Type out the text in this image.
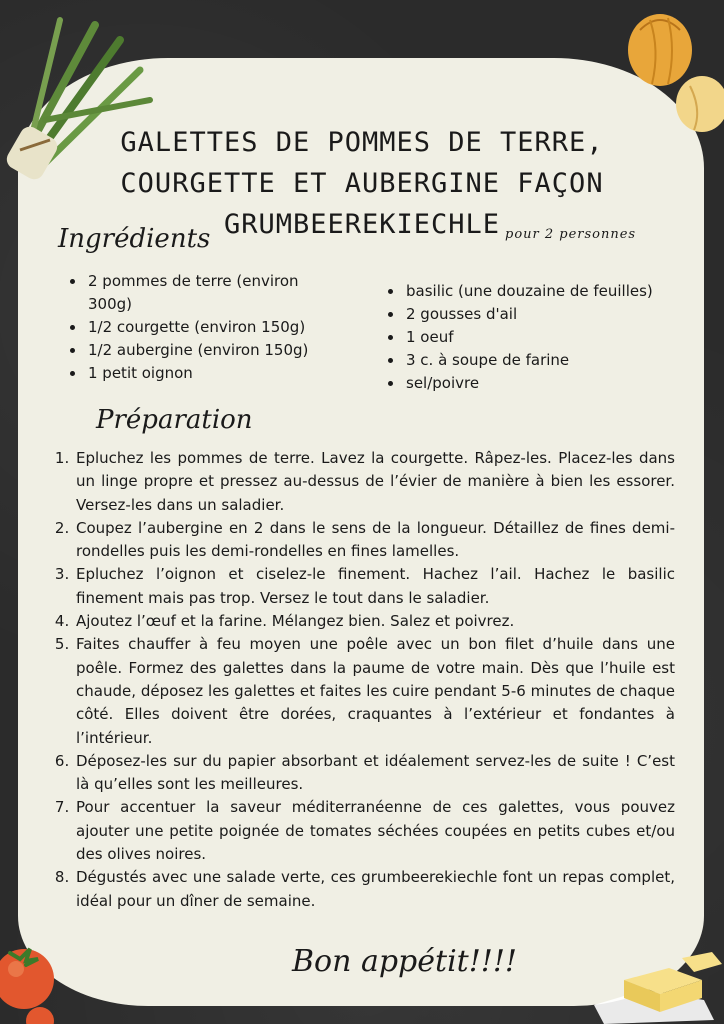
GALETTES DE POMMES DE TERRE, COURGETTE ET AUBERGINE FAÇON GRUMBEEREKIECHLE
Ingrédients	pour 2 personnes
• 2 pommes de terre (environ 300g)
• 1/2 courgette (environ 150g)
• 1/2 aubergine (environ 150g)
• 1 petit oignon
• basilic (une douzaine de feuilles)
• 2 gousses d'ail
• 1 oeuf
• 3 c. à soupe de farine
• sel/poivre
Préparation
1. Epluchez les pommes de terre. Lavez la courgette. Râpez-les. Placez-les dans un linge propre et pressez au-dessus de l’évier de manière à bien les essorer. Versez-les dans un saladier.
2. Coupez l’aubergine en 2 dans le sens de la longueur. Détaillez de fines demi-rondelles puis les demi-rondelles en fines lamelles.
3. Epluchez l’oignon et ciselez-le finement. Hachez l’ail. Hachez le basilic finement mais pas trop. Versez le tout dans le saladier.
4. Ajoutez l’œuf et la farine. Mélangez bien. Salez et poivrez.
5. Faites chauffer à feu moyen une poêle avec un bon filet d’huile dans une poêle. Formez des galettes dans la paume de votre main. Dès que l’huile est chaude, déposez les galettes et faites les cuire pendant 5-6 minutes de chaque côté. Elles doivent être dorées, craquantes à l’extérieur et fondantes à l’intérieur.
6. Déposez-les sur du papier absorbant et idéalement servez-les de suite ! C’est là qu’elles sont les meilleures.
7. Pour accentuer la saveur méditerranéenne de ces galettes, vous pouvez ajouter une petite poignée de tomates séchées coupées en petits cubes et/ou des olives noires.
8. Dégustés avec une salade verte, ces grumbeerekiechle font un repas complet, idéal pour un dîner de semaine.
Bon appétit!!!!
